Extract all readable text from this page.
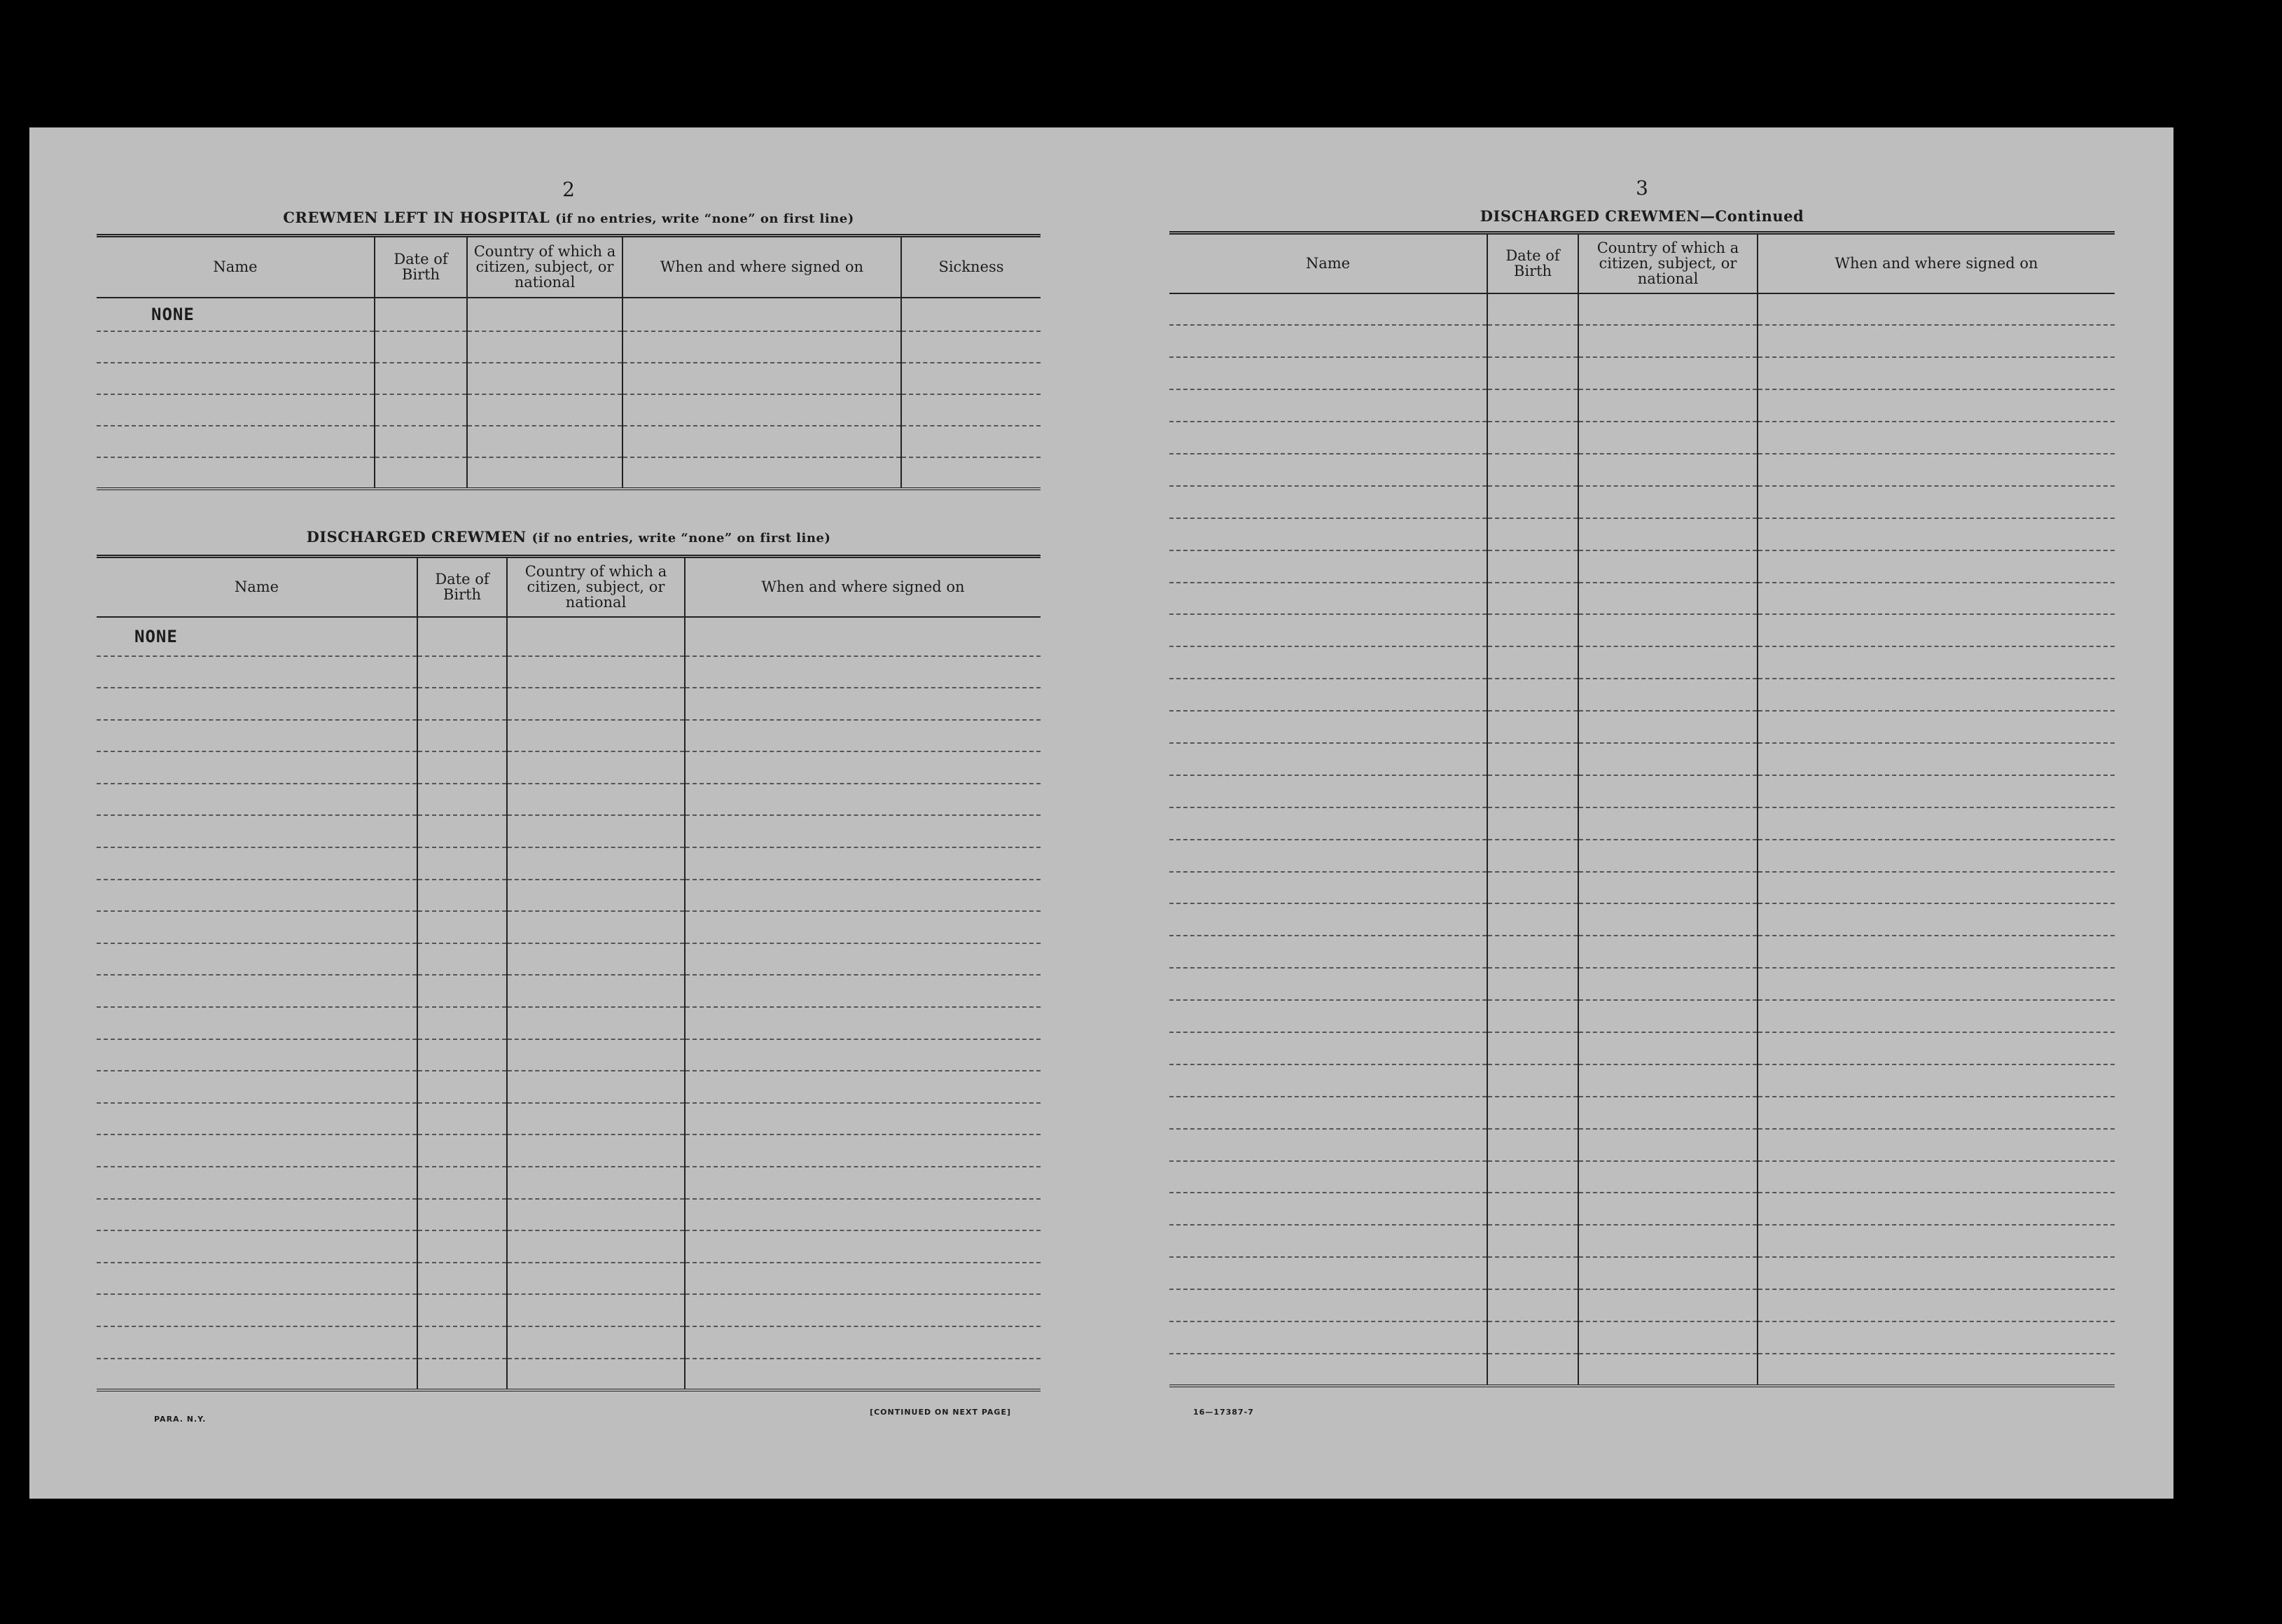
2
CREWMEN LEFT IN HOSPITAL (if no entries, write “none” on first line)
Name	Date of Birth	Country of which a citizen, subject, or national	When and where signed on	Sickness
NONE				

DISCHARGED CREWMEN (if no entries, write “none” on first line)
Name	Date of Birth	Country of which a citizen, subject, or national	When and where signed on
NONE			

PARA. N.Y.
[CONTINUED ON NEXT PAGE]
3
DISCHARGED CREWMEN—Continued
Name	Date of Birth	Country of which a citizen, subject, or national	When and where signed on

16—17387-7
